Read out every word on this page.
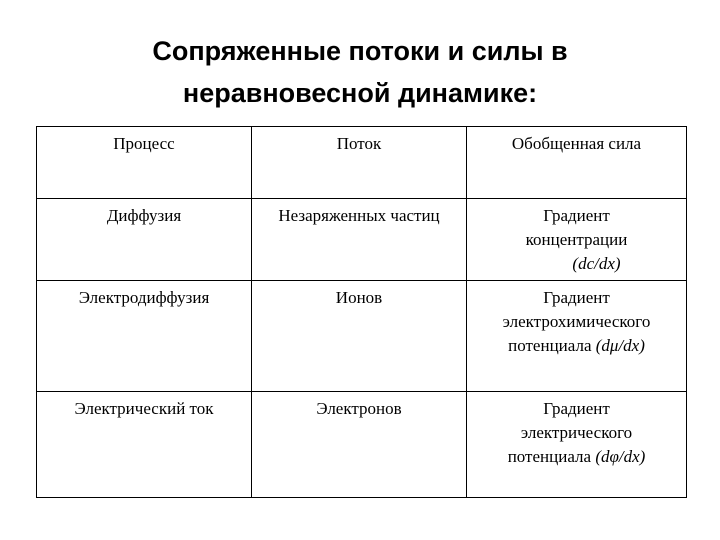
Сопряженные потоки и силы в
неравновесной динамике:
Процесс	Поток	Обобщенная сила
Диффузия	Незаряженных частиц	Градиент
концентрации
(dc/dx)

Электродиффузия	Ионов	Градиент
электрохимического
потенциала (dμ/dx)

Электрический ток	Электронов	Градиент
электрического
потенциала (dφ/dx)
